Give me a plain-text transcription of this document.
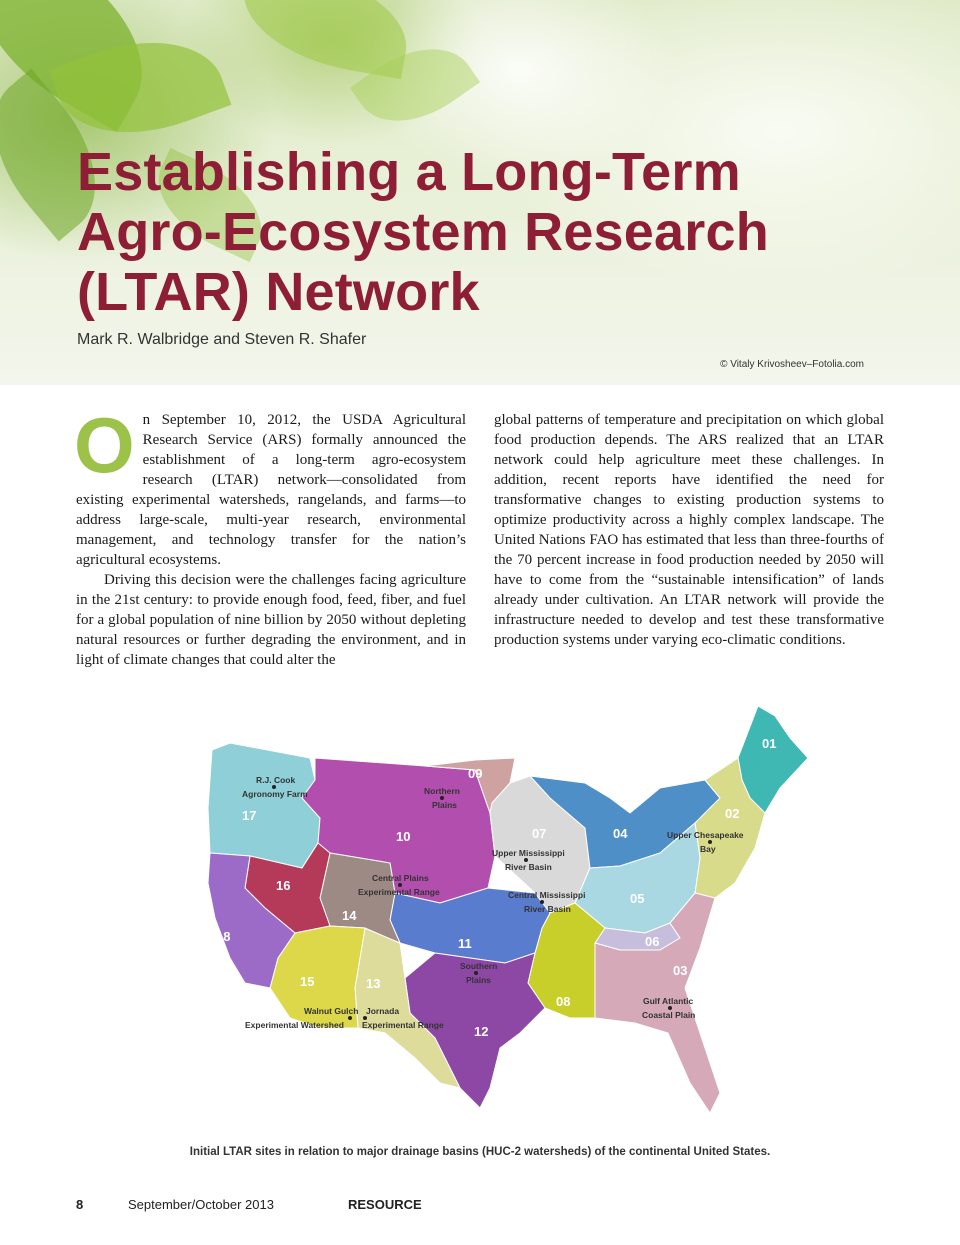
Establishing a Long-Term
Agro-Ecosystem Research
(LTAR) Network
Mark R. Walbridge and Steven R. Shafer
© Vitaly Krivosheev–Fotolia.com

On September 10, 2012, the USDA Agricultural Research Service (ARS) formally announced the establishment of a long-term agro-ecosystem research (LTAR) network—consolidated from existing experimental watersheds, rangelands, and farms—to address large-scale, multi-year research, environmental management, and technology transfer for the nation’s agricultural ecosystems.

Driving this decision were the challenges facing agriculture in the 21st century: to provide enough food, feed, fiber, and fuel for a global population of nine billion by 2050 without depleting natural resources or further degrading the environment, and in light of climate changes that could alter the

global patterns of temperature and precipitation on which global food production depends. The ARS realized that an LTAR network could help agriculture meet these challenges. In addition, recent reports have identified the need for transformative changes to existing production systems to optimize productivity across a highly complex landscape. The United Nations FAO has estimated that less than three-fourths of the 70 percent increase in food production needed by 2050 will have to come from the “sustainable intensification” of lands already under cultivation. An LTAR network will provide the infrastructure needed to develop and test these transformative production systems under varying eco-climatic conditions.

01
02
03
04
05
06
07
08
09
10
11
12
13
14
15
16
17
18
R.J. Cook
Agronomy Farm	Northern
Plains
Upper Mississippi
River Basin
Upper Chesapeake
Bay
Central Plains
Experimental Range	Central Mississippi
River Basin
Southern
Plains
Gulf Atlantic
Coastal Plain
Walnut Gulch
Experimental Watershed
Jornada
Experimental Range
Initial LTAR sites in relation to major drainage basins (HUC-2 watersheds) of the continental United States.
8	September/October 2013	RESOURCE
